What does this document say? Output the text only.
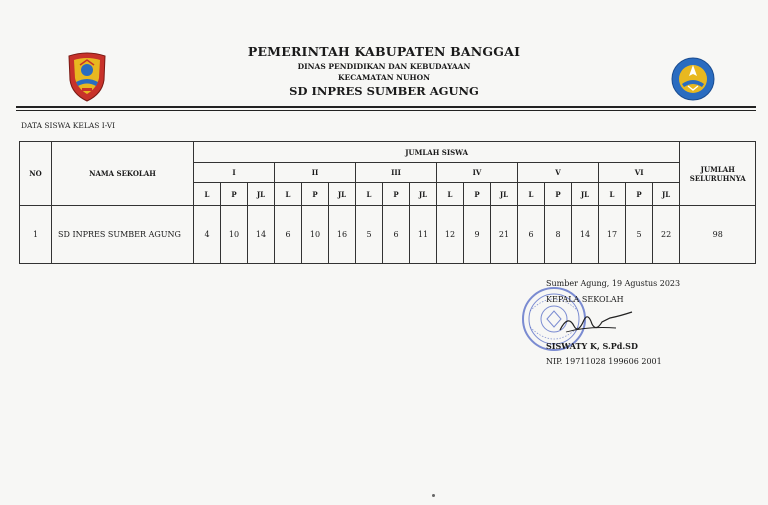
PEMERINTAH KABUPATEN BANGGAI
DINAS PENDIDIKAN DAN KEBUDAYAAN
KECAMATAN NUHON
SD INPRES SUMBER AGUNG
DATA SISWA KELAS I-VI
NO	NAMA SEKOLAH	JUMLAH SISWA																		JUMLAH
SELURUHNYA
		I			II			III			IV			V			VI			
		L	P	JL	L	P	JL	L	P	JL	L	P	JL	L	P	JL	L	P	JL	
1	SD INPRES SUMBER AGUNG	4	10	14	6	10	16	5	6	11	12	9	21	6	8	14	17	5	22	98
Sumber Agung, 19 Agustus 2023
KEPALA SEKOLAH
SISWATY K, S.Pd.SD
NIP. 19711028 199606 2001
